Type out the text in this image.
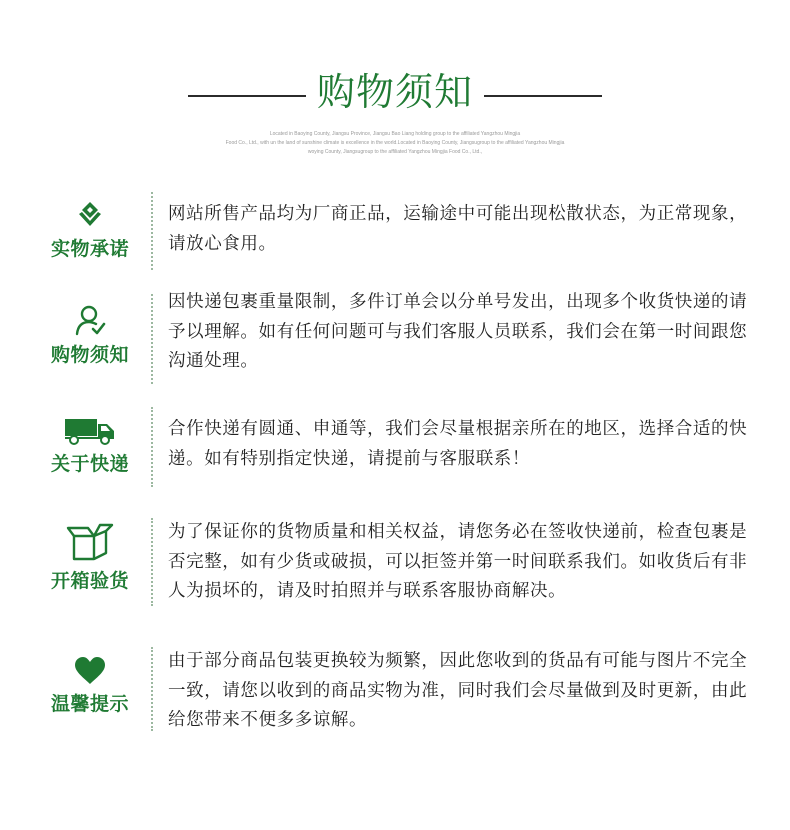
购物须知
Located in Baoying County, Jiangsu Province, Jiangsu Bao Liang holding group to the affiliated Yangzhou Mingjia
Food Co., Ltd., with un the land of sunshine climate is excellence in the world.Located in Baoying County, Jiangsugroup to the affiliated Yangzhou Mingjia
woying County, Jiangsugroup to the affiliated Yangzhou Mingjia Food Co., Ltd.,
实物承诺
网站所售产品均为厂商正品，运输途中可能出现松散状态，为正常现象，请放心食用。
购物须知
因快递包裹重量限制，多件订单会以分单号发出，出现多个收货快递的请予以理解。如有任何问题可与我们客服人员联系，我们会在第一时间跟您沟通处理。
关于快递
合作快递有圆通、申通等，我们会尽量根据亲所在的地区，选择合适的快递。如有特别指定快递，请提前与客服联系！
开箱验货
为了保证你的货物质量和相关权益，请您务必在签收快递前，检查包裹是否完整，如有少货或破损，可以拒签并第一时间联系我们。如收货后有非人为损坏的，请及时拍照并与联系客服协商解决。
温馨提示
由于部分商品包装更换较为频繁，因此您收到的货品有可能与图片不完全一致，请您以收到的商品实物为准，同时我们会尽量做到及时更新，由此给您带来不便多多谅解。
